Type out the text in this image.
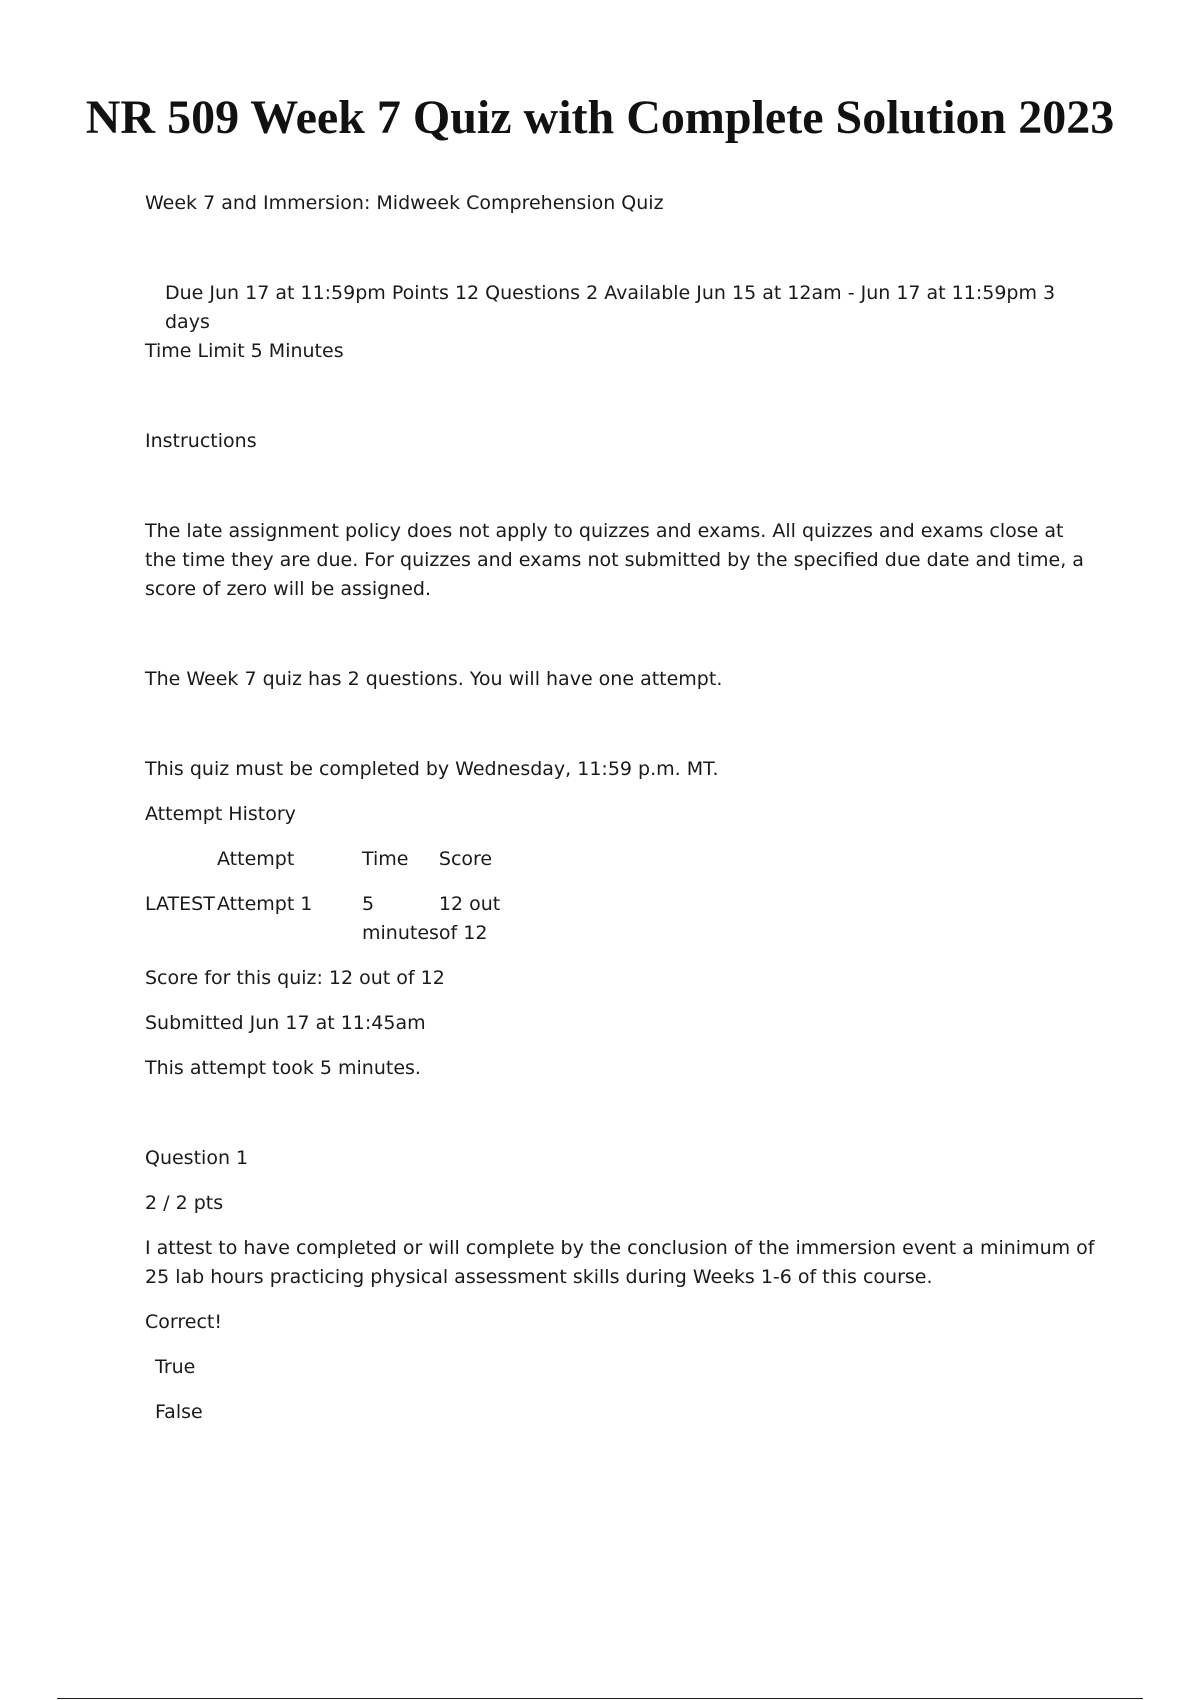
NR 509 Week 7 Quiz with Complete Solution 2023

Week 7 and Immersion: Midweek Comprehension Quiz

Due Jun 17 at 11:59pm Points 12 Questions 2 Available Jun 15 at 12am - Jun 17 at 11:59pm 3 days

Time Limit 5 Minutes

Instructions

The late assignment policy does not apply to quizzes and exams. All quizzes and exams close at the time they are due. For quizzes and exams not submitted by the specified due date and time, a score of zero will be assigned.

The Week 7 quiz has 2 questions. You will have one attempt.

This quiz must be completed by Wednesday, 11:59 p.m. MT.

Attempt History

	Attempt	Time	Score
LATEST	Attempt 1	5 minutes	12 out of 12

Score for this quiz: 12 out of 12

Submitted Jun 17 at 11:45am

This attempt took 5 minutes.

Question 1

2 / 2 pts

I attest to have completed or will complete by the conclusion of the immersion event a minimum of 25 lab hours practicing physical assessment skills during Weeks 1-6 of this course.

Correct!

True

False
